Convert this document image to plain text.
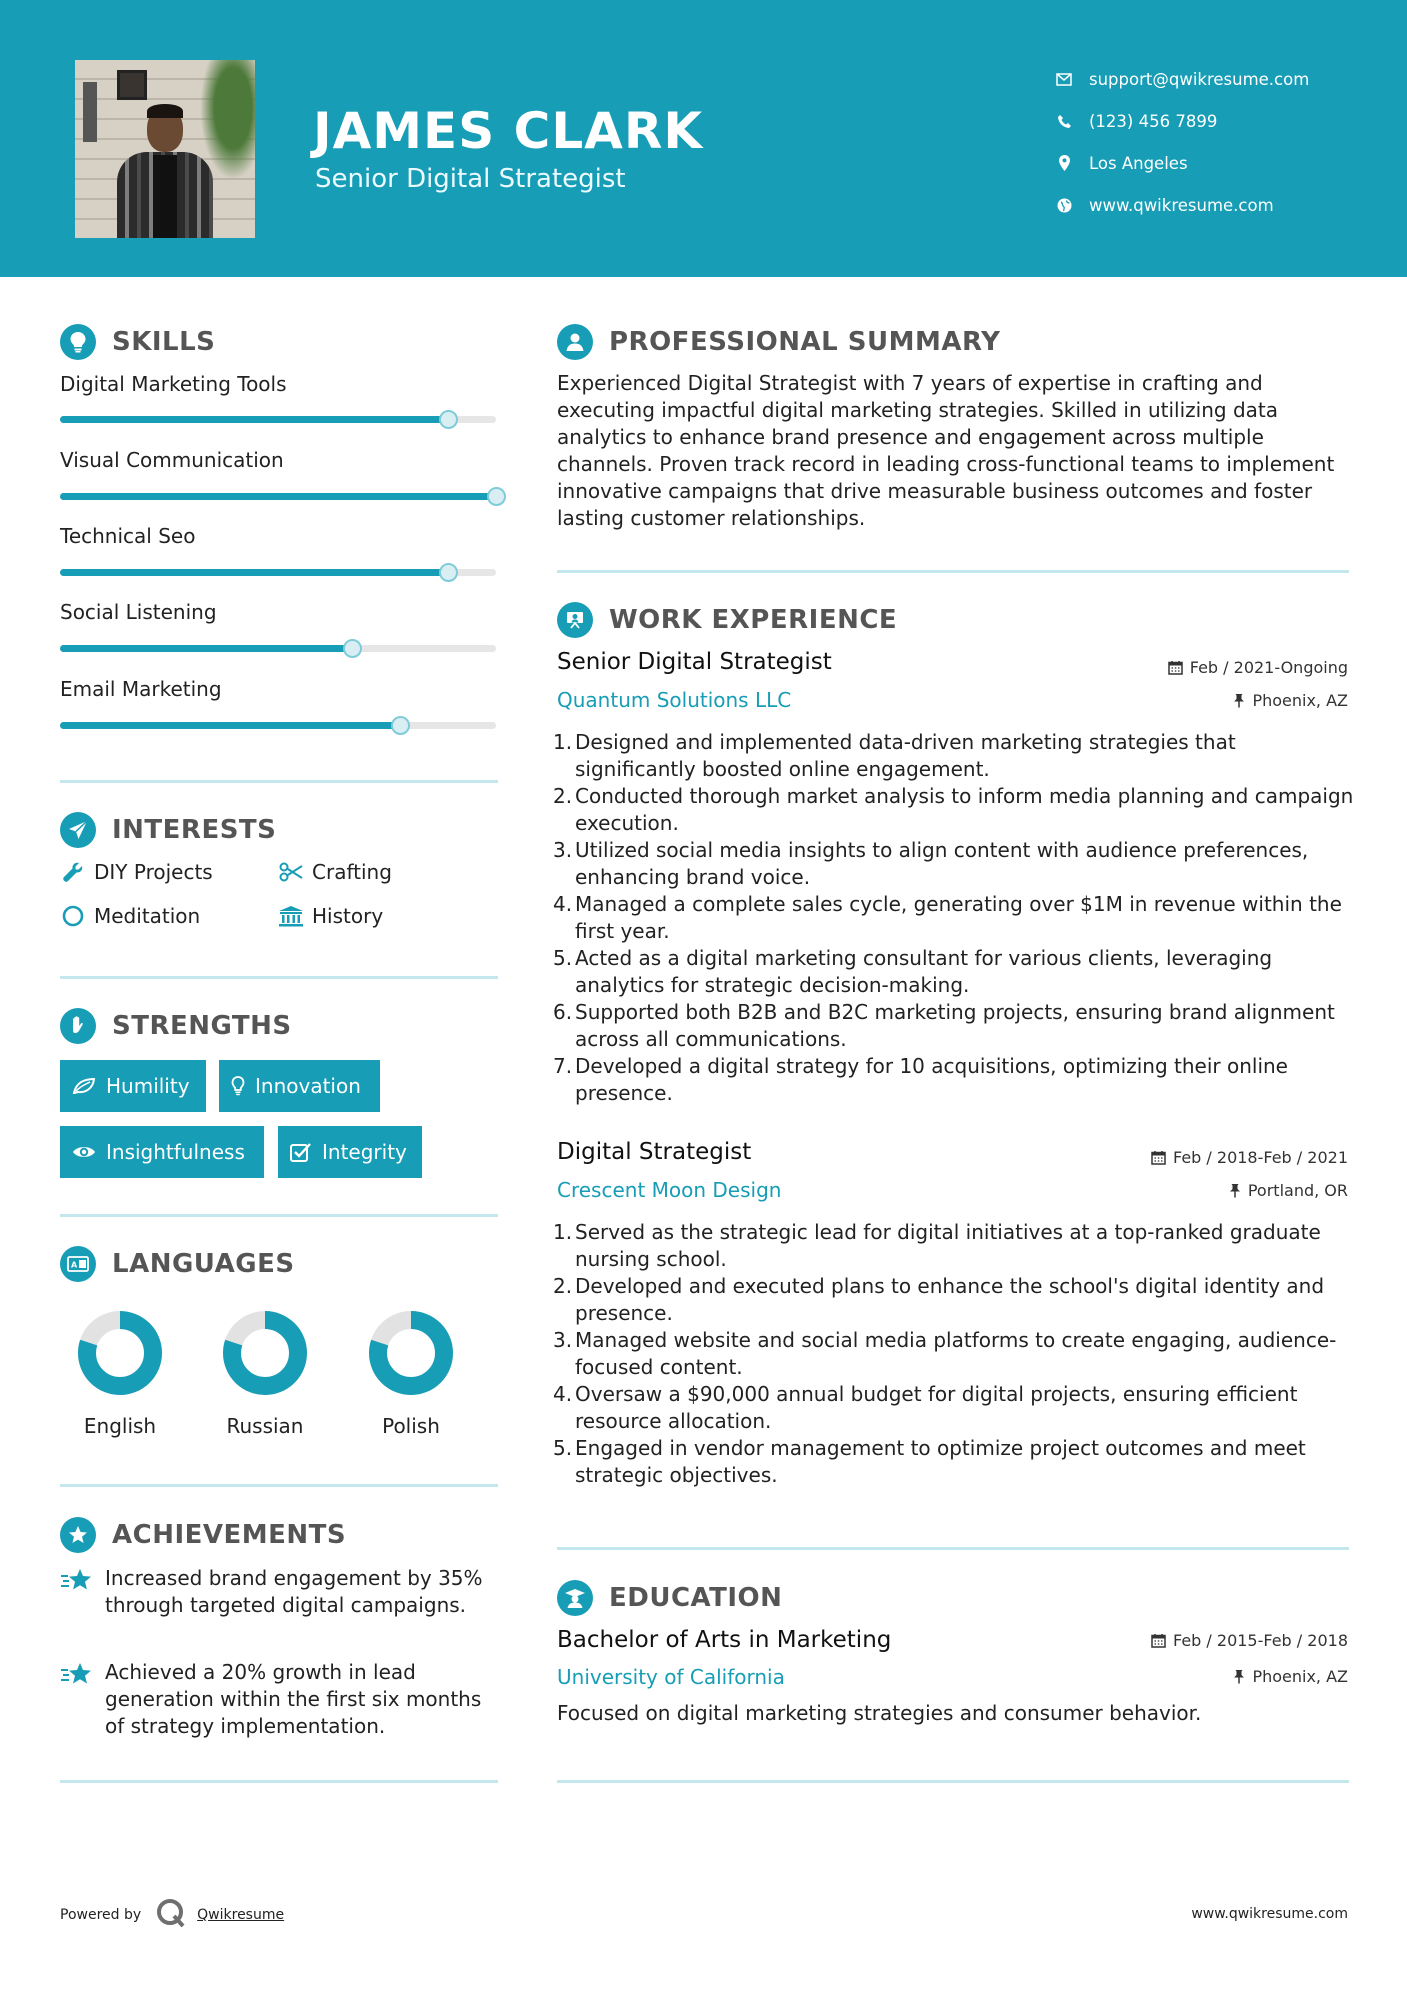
JAMES CLARK
Senior Digital Strategist
support@qwikresume.com
(123) 456 7899
Los Angeles
www.qwikresume.com
SKILLS
Digital Marketing Tools
Visual Communication
Technical Seo
Social Listening
Email Marketing
INTERESTS
DIY Projects	Crafting
Meditation	History
STRENGTHS
Humility	Innovation
Insightfulness	Integrity
A LANGUAGES
English	Russian	Polish
ACHIEVEMENTS
Increased brand engagement by 35% through targeted digital campaigns.
Achieved a 20% growth in lead generation within the first six months of strategy implementation.
PROFESSIONAL SUMMARY
Experienced Digital Strategist with 7 years of expertise in crafting and executing impactful digital marketing strategies. Skilled in utilizing data analytics to enhance brand presence and engagement across multiple channels. Proven track record in leading cross-functional teams to implement innovative campaigns that drive measurable business outcomes and foster lasting customer relationships.
WORK EXPERIENCE
Senior Digital Strategist	Feb / 2021-Ongoing
Quantum Solutions LLC	Phoenix, AZ
1. Designed and implemented data-driven marketing strategies that significantly boosted online engagement.
2. Conducted thorough market analysis to inform media planning and campaign execution.
3. Utilized social media insights to align content with audience preferences, enhancing brand voice.
4. Managed a complete sales cycle, generating over $1M in revenue within the first year.
5. Acted as a digital marketing consultant for various clients, leveraging analytics for strategic decision-making.
6. Supported both B2B and B2C marketing projects, ensuring brand alignment across all communications.
7. Developed a digital strategy for 10 acquisitions, optimizing their online presence.
Digital Strategist	Feb / 2018-Feb / 2021
Crescent Moon Design	Portland, OR
1. Served as the strategic lead for digital initiatives at a top-ranked graduate nursing school.
2. Developed and executed plans to enhance the school's digital identity and presence.
3. Managed website and social media platforms to create engaging, audience-focused content.
4. Oversaw a $90,000 annual budget for digital projects, ensuring efficient resource allocation.
5. Engaged in vendor management to optimize project outcomes and meet strategic objectives.
EDUCATION
Bachelor of Arts in Marketing	Feb / 2015-Feb / 2018
University of California	Phoenix, AZ
Focused on digital marketing strategies and consumer behavior.
Powered by	Qwikresume	www.qwikresume.com
